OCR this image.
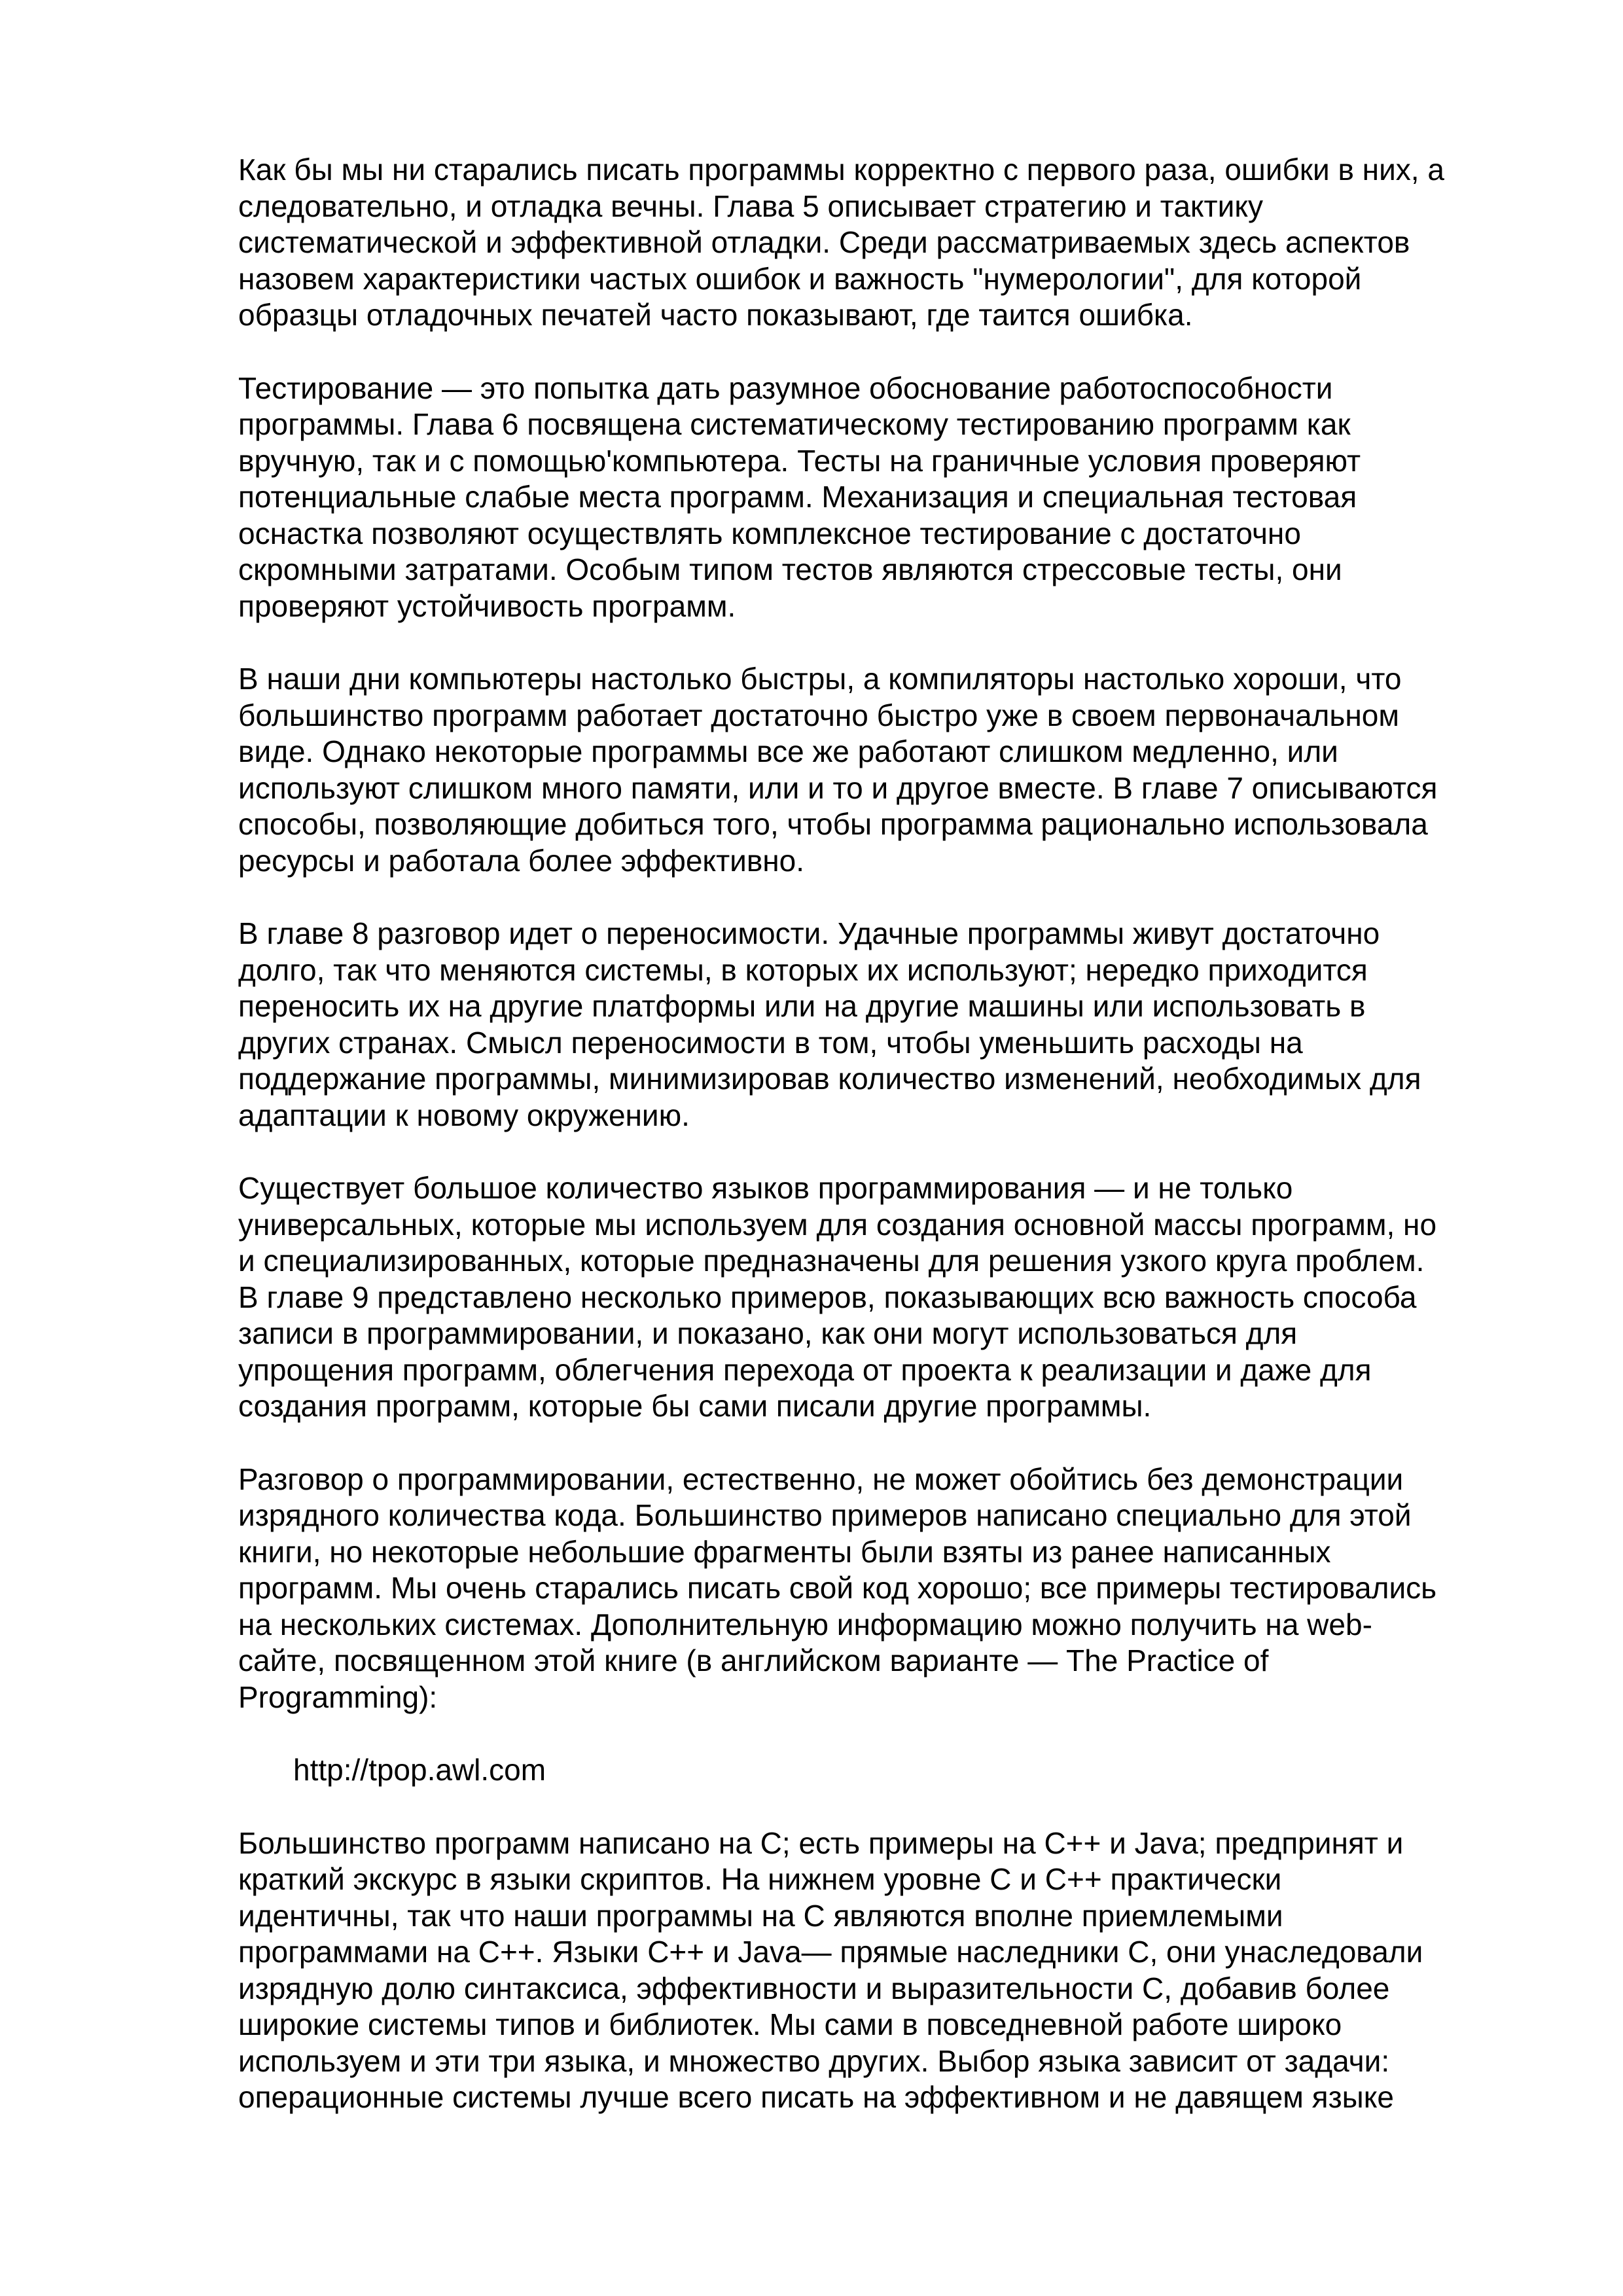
Как бы мы ни старались писать программы корректно с первого раза, ошибки в них, а
следовательно, и отладка вечны. Глава 5 описывает стратегию и тактику
систематической и эффективной отладки. Среди рассматриваемых здесь аспектов
назовем характеристики частых ошибок и важность "нумерологии", для которой
образцы отладочных печатей часто показывают, где таится ошибка.

Тестирование — это попытка дать разумное обоснование работоспособности
программы. Глава 6 посвящена систематическому тестированию программ как
вручную, так и с помощью'компьютера. Тесты на граничные условия проверяют
потенциальные слабые места программ. Механизация и специальная тестовая
оснастка позволяют осуществлять комплексное тестирование с достаточно
скромными затратами. Особым типом тестов являются стрессовые тесты, они
проверяют устойчивость программ.

В наши дни компьютеры настолько быстры, а компиляторы настолько хороши, что
большинство программ работает достаточно быстро уже в своем первоначальном
виде. Однако некоторые программы все же работают слишком медленно, или
используют слишком много памяти, или и то и другое вместе. В главе 7 описываются
способы, позволяющие добиться того, чтобы программа рационально использовала
ресурсы и работала более эффективно.

В главе 8 разговор идет о переносимости. Удачные программы живут достаточно
долго, так что меняются системы, в которых их используют; нередко приходится
переносить их на другие платформы или на другие машины или использовать в
других странах. Смысл переносимости в том, чтобы уменьшить расходы на
поддержание программы, минимизировав количество изменений, необходимых для
адаптации к новому окружению.

Существует большое количество языков программирования — и не только
универсальных, которые мы используем для создания основной массы программ, но
и специализированных, которые предназначены для решения узкого круга проблем.
В главе 9 представлено несколько примеров, показывающих всю важность способа
записи в программировании, и показано, как они могут использоваться для
упрощения программ, облегчения перехода от проекта к реализации и даже для
создания программ, которые бы сами писали другие программы.

Разговор о программировании, естественно, не может обойтись без демонстрации
изрядного количества кода. Большинство примеров написано специально для этой
книги, но некоторые небольшие фрагменты были взяты из ранее написанных
программ. Мы очень старались писать свой код хорошо; все примеры тестировались
на нескольких системах. Дополнительную информацию можно получить на web-
сайте, посвященном этой книге (в английском варианте — The Practice of
Programming):

http://tpop.awl.com

Большинство программ написано на С; есть примеры на C++ и Java; предпринят и
краткий экскурс в языки скриптов. На нижнем уровне С и C++ практически
идентичны, так что наши программы на С являются вполне приемлемыми
программами на C++. Языки C++ и Java— прямые наследники С, они унаследовали
изрядную долю синтаксиса, эффективности и выразительности С, добавив более
широкие системы типов и библиотек. Мы сами в повседневной работе широко
используем и эти три языка, и множество других. Выбор языка зависит от задачи:
операционные системы лучше всего писать на эффективном и не давящем языке
